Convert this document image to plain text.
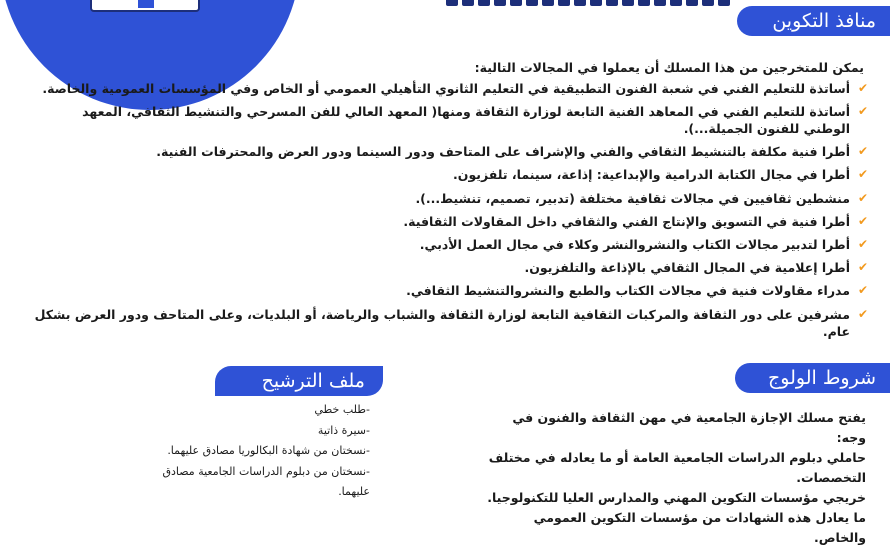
منافذ التكوين
يمكن للمتخرجين من هذا المسلك أن يعملوا في المجالات التالية:
✔
أساتذة للتعليم الفني في شعبة الفنون التطبيقية في التعليم الثانوي التأهيلي العمومي أو الخاص وفي المؤسسات العمومية والخاصة.
✔
أساتذة للتعليم الفني في المعاهد الفنية التابعة لوزارة الثقافة ومنها( المعهد العالي للفن المسرحي والتنشيط الثقافي، المعهد الوطني للفنون الجميلة...).
✔
أطرا فنية مكلفة بالتنشيط الثقافي والفني والإشراف على المتاحف ودور السينما ودور العرض والمحترفات الفنية.
✔
أطرا في مجال الكتابة الدرامية والإبداعية: إذاعة، سينما، تلفزيون.
✔
منشطين ثقافيين في مجالات ثقافية مختلفة (تدبير، تصميم، تنشيط...).
✔
أطرا فنية في التسويق والإنتاج الفني والثقافي داخل المقاولات الثقافية.
✔
أطرا لتدبير مجالات الكتاب والنشروالنشر وكلاء في مجال العمل الأدبي.
✔
أطرا إعلامية في المجال الثقافي بالإذاعة والتلفزيون.
✔
مدراء مقاولات فنية في مجالات الكتاب والطبع والنشروالتنشيط الثقافي.
✔
مشرفين على دور الثقافة والمركبات الثقافية التابعة لوزارة الثقافة والشباب والرياضة، أو البلديات، وعلى المتاحف ودور العرض بشكل عام.
شروط الولوج
ملف الترشيح

يفتح مسلك الإجازة الجامعية في مهن الثقافة والفنون في وجه:

حاملي دبلوم الدراسات الجامعية العامة أو ما يعادله في مختلف التخصصات.

خريجي مؤسسات التكوين المهني والمدارس العليا للتكنولوجيا.

ما يعادل هذه الشهادات من مؤسسات التكوين العمومي والخاص.

-طلب خطي

-سيرة ذاتية

-نسختان من شهادة البكالوريا مصادق عليهما.

-نسختان من دبلوم الدراسات الجامعية مصادق

عليهما.
